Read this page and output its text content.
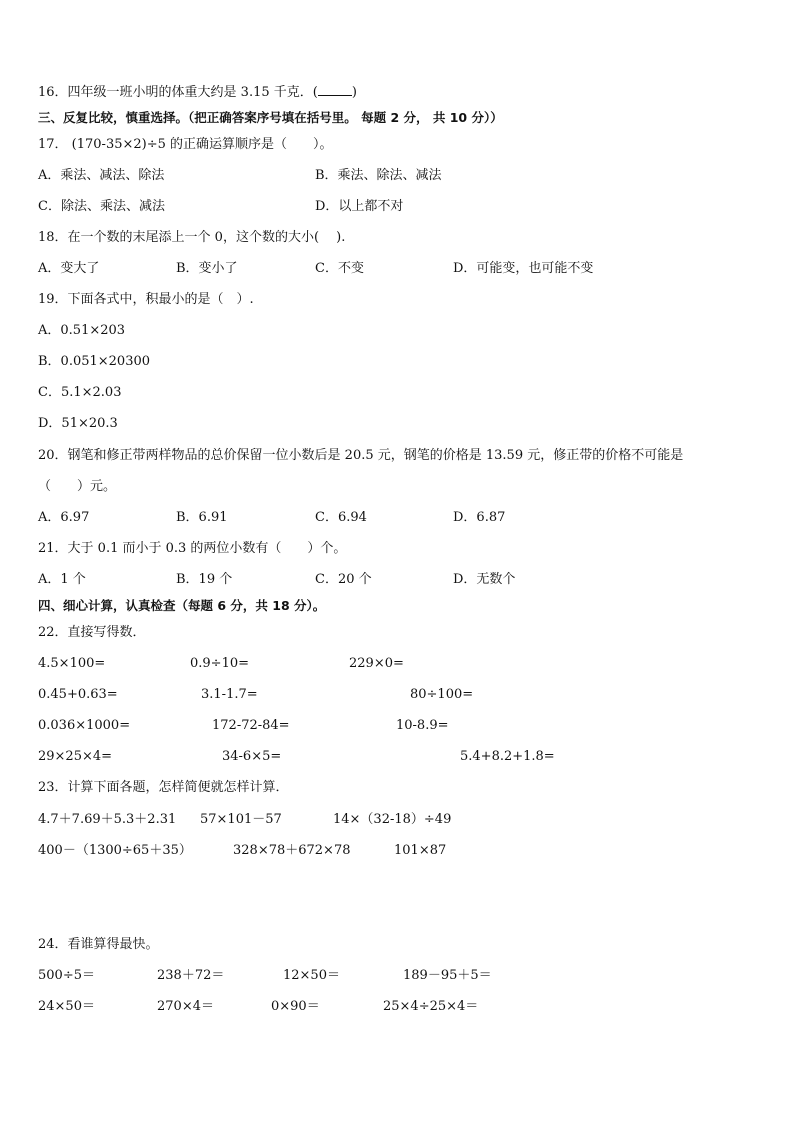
16．四年级一班小明的体重大约是 3.15 千克．(	)
三、反复比较，慎重选择。（把正确答案序号填在括号里。 每题 2 分， 共 10 分））
17． (170-35×2)÷5 的正确运算顺序是（　　）。
A．乘法、减法、除法	B．乘法、除法、减法
C．除法、乘法、减法	D．以上都不对
18．在一个数的末尾添上一个 0，这个数的大小(　 ).
A．变大了	B．变小了	C．不变	D．可能变，也可能不变
19．下面各式中，积最小的是（　）.
A．0.51×203
B．0.051×20300
C．5.1×2.03
D．51×20.3
20．钢笔和修正带两样物品的总价保留一位小数后是 20.5 元，钢笔的价格是 13.59 元，修正带的价格不可能是
（　　）元。
A．6.97	B．6.91	C．6.94	D．6.87
21．大于 0.1 而小于 0.3 的两位小数有（　　）个。
A．1 个	B．19 个	C．20 个	D．无数个
四、细心计算，认真检查（每题 6 分，共 18 分）。
22．直接写得数．
4.5×100=	0.9÷10=	229×0=
0.45+0.63=	3.1-1.7=	80÷100=
0.036×1000=	172-72-84=	10-8.9=
29×25×4=	34-6×5=	5.4+8.2+1.8=
23．计算下面各题，怎样简便就怎样计算．
4.7＋7.69＋5.3＋2.31 57×101－57	14×（32-18）÷49
400－（1300÷65＋35）	328×78＋672×78	101×87
24．看谁算得最快。
500÷5＝	238＋72＝	12×50＝	189－95＋5＝
24×50＝	270×4＝	0×90＝	25×4÷25×4＝
